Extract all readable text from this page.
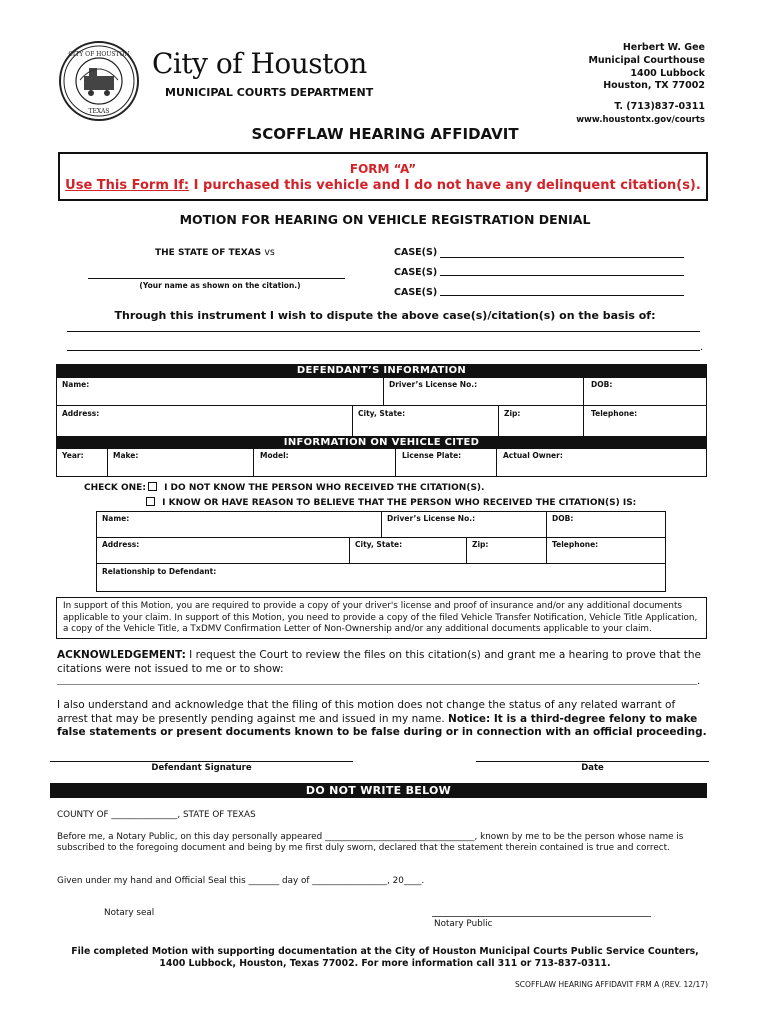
CITY OF HOUSTON
TEXAS
City of Houston
MUNICIPAL COURTS DEPARTMENT
Herbert W. Gee
Municipal Courthouse
1400 Lubbock
Houston, TX 77002
T. (713)837-0311
www.houstontx.gov/courts
SCOFFLAW HEARING AFFIDAVIT
FORM “A”
Use This Form If: I purchased this vehicle and I do not have any delinquent citation(s).
MOTION FOR HEARING ON VEHICLE REGISTRATION DENIAL
THE STATE OF TEXAS vs	CASE(S)
CASE(S)
CASE(S)
(Your name as shown on the citation.)
Through this instrument I wish to dispute the above case(s)/citation(s) on the basis of:
.
DEFENDANT’S INFORMATION
Name:	Driver’s License No.:	DOB:
Address:	City, State:	Zip:	Telephone:
INFORMATION ON VEHICLE CITED
Year:	Make:	Model:	License Plate:	Actual Owner:
CHECK ONE: I DO NOT KNOW THE PERSON WHO RECEIVED THE CITATION(S).
I KNOW OR HAVE REASON TO BELIEVE THAT THE PERSON WHO RECEIVED THE CITATION(S) IS:
Name:	Driver’s License No.:	DOB:
Address:	City, State:	Zip:	Telephone:
Relationship to Defendant:
In support of this Motion, you are required to provide a copy of your driver's license and proof of insurance and/or any additional documents applicable to your claim. In support of this Motion, you need to provide a copy of the filed Vehicle Transfer Notification, Vehicle Title Application, a copy of the Vehicle Title, a TxDMV Confirmation Letter of Non-Ownership and/or any additional documents applicable to your claim.
ACKNOWLEDGEMENT: I request the Court to review the files on this citation(s) and grant me a hearing to prove that the citations were not issued to me or to show:
.
I also understand and acknowledge that the filing of this motion does not change the status of any related warrant of arrest that may be presently pending against me and issued in my name. Notice: It is a third-degree felony to make false statements or present documents known to be false during or in connection with an official proceeding.
Defendant Signature	Date
DO NOT WRITE BELOW
COUNTY OF _______________, STATE OF TEXAS
Before me, a Notary Public, on this day personally appeared __________________________________, known by me to be the person whose name is subscribed to the foregoing document and being by me first duly sworn, declared that the statement therein contained is true and correct.
Given under my hand and Official Seal this _______ day of _________________, 20____.
Notary seal
Notary Public
File completed Motion with supporting documentation at the City of Houston Municipal Courts Public Service Counters,
1400 Lubbock, Houston, Texas 77002. For more information call 311 or 713-837-0311.
SCOFFLAW HEARING AFFIDAVIT FRM A (REV. 12/17)
